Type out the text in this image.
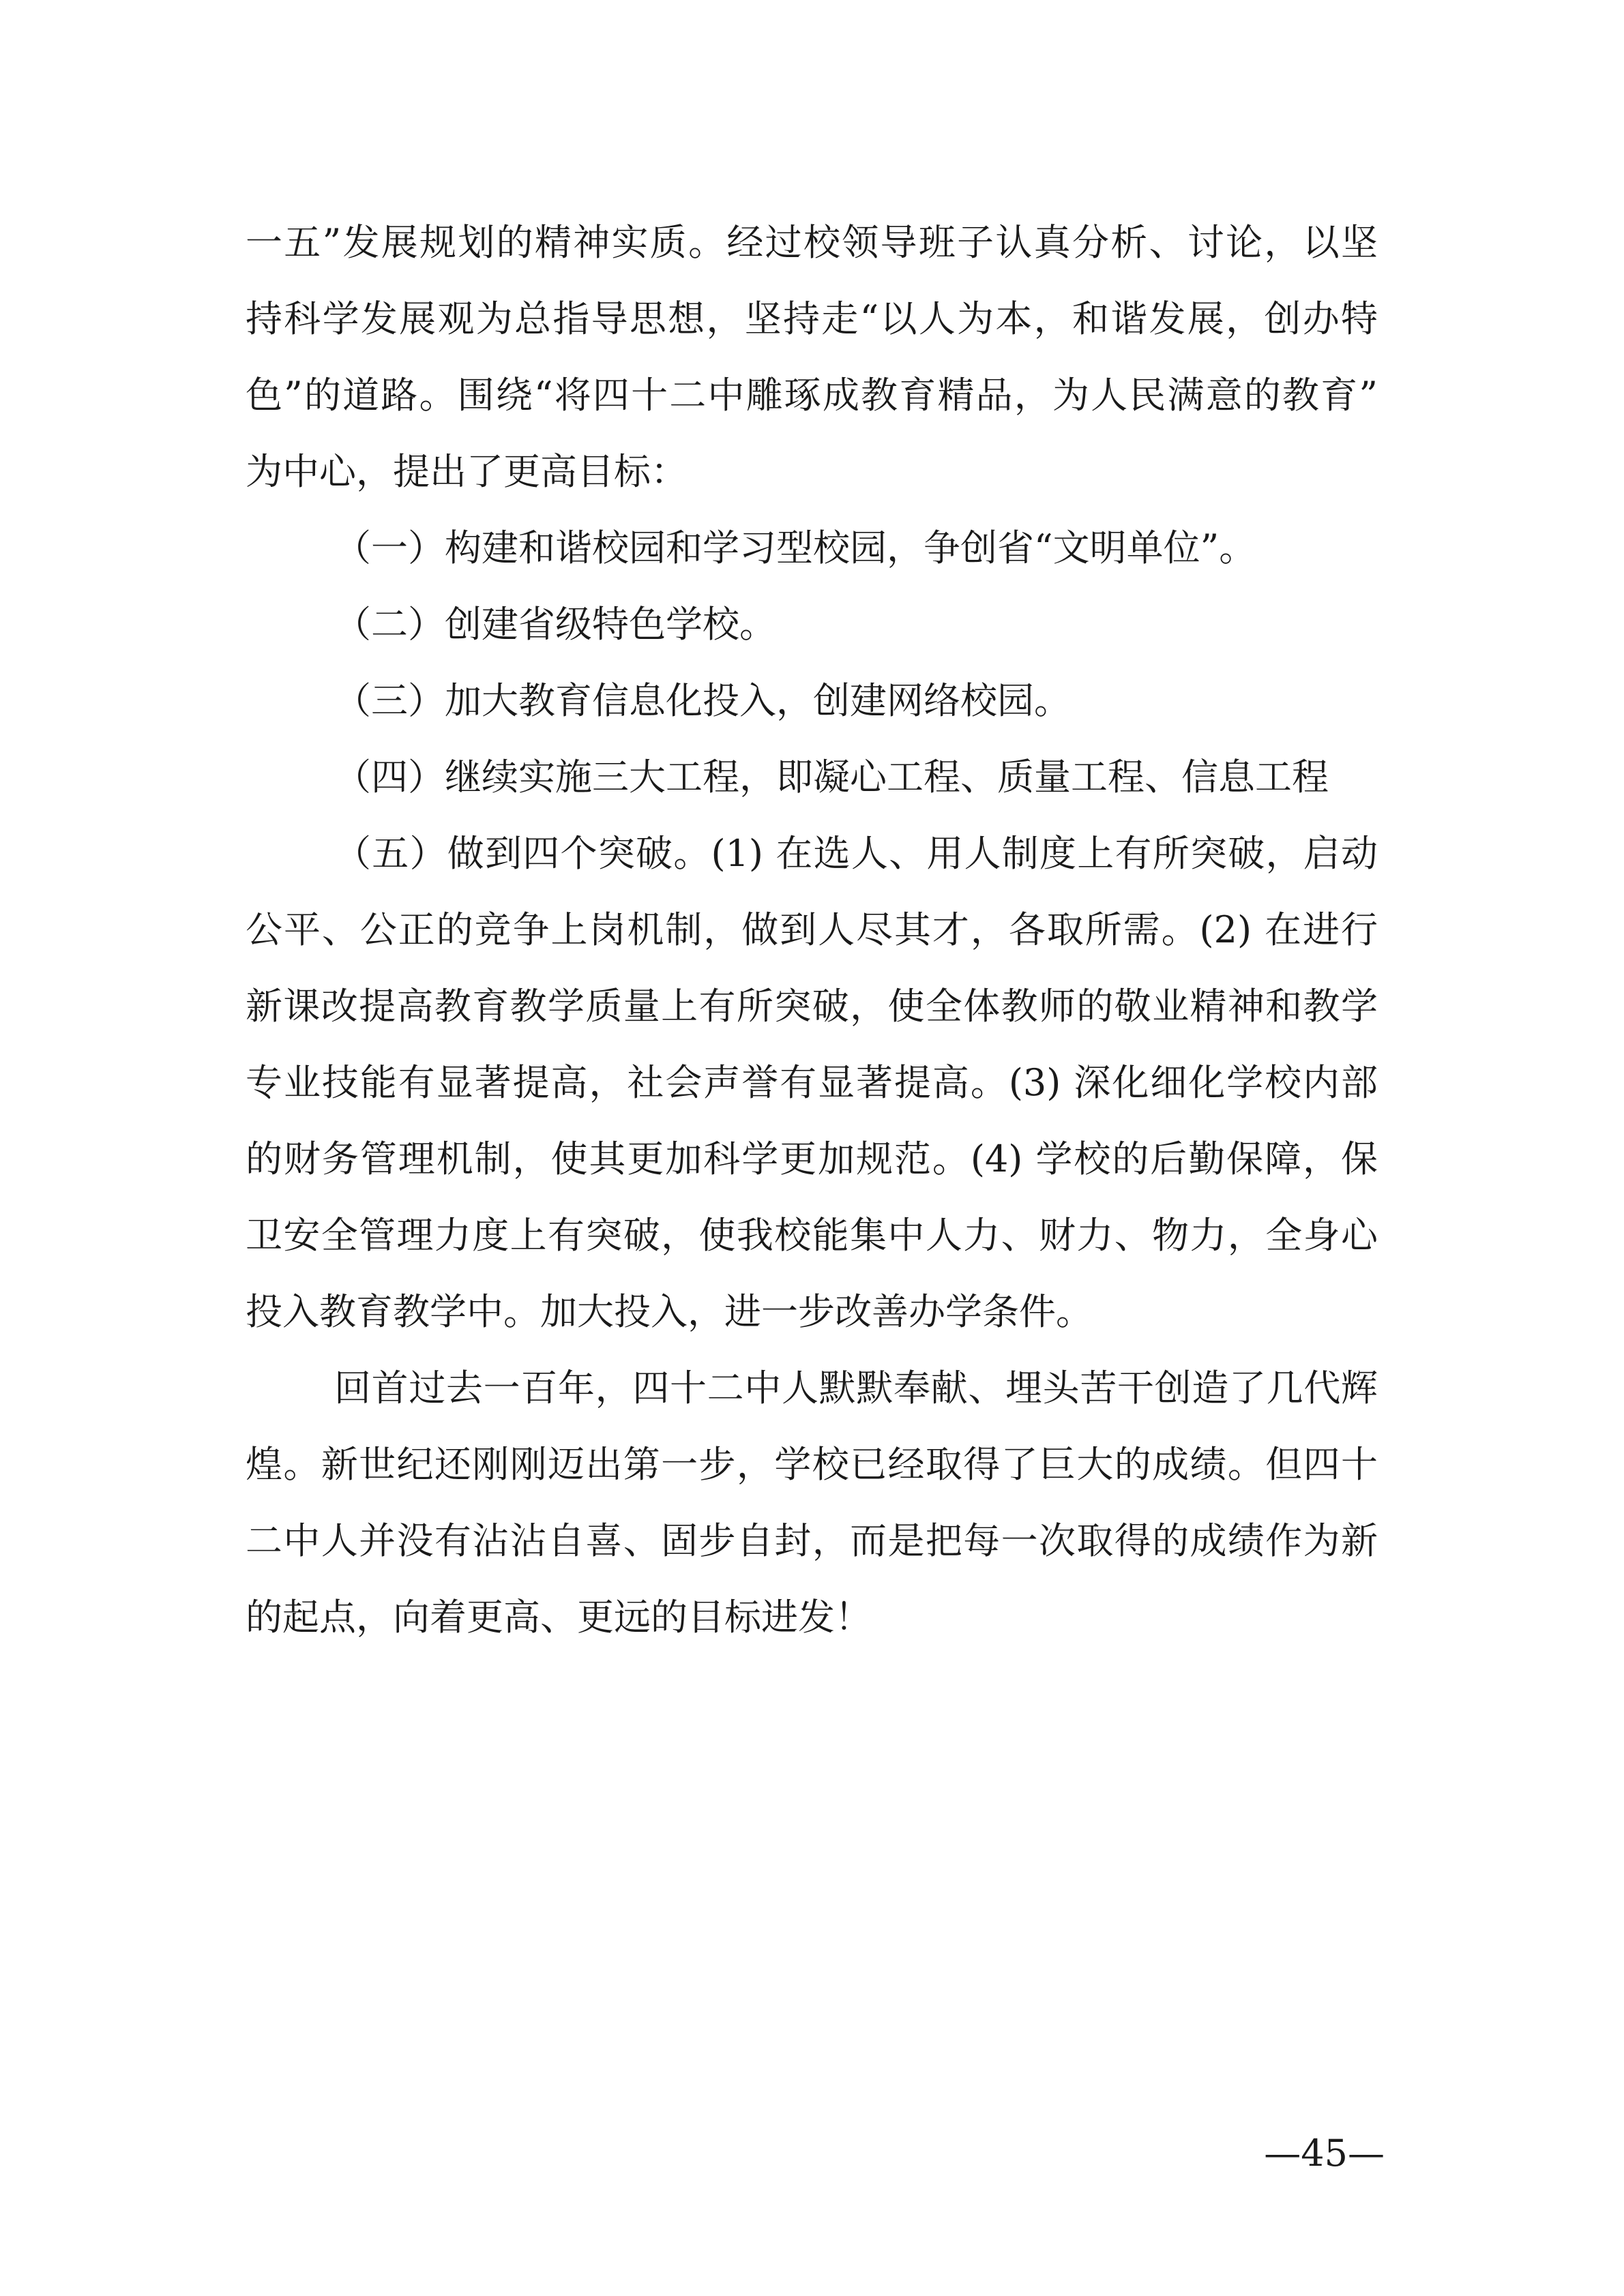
一五”发展规划的精神实质。经过校领导班子认真分析、讨论，以坚
持科学发展观为总指导思想，坚持走“以人为本，和谐发展，创办特
色”的道路。围绕“将四十二中雕琢成教育精品，为人民满意的教育”
为中心，提出了更高目标：
（一）构建和谐校园和学习型校园，争创省“文明单位”。
（二）创建省级特色学校。
（三）加大教育信息化投入，创建网络校园。
（四）继续实施三大工程，即凝心工程、质量工程、信息工程
（五）做到四个突破。(1) 在选人、用人制度上有所突破，启动
公平、公正的竞争上岗机制，做到人尽其才，各取所需。(2) 在进行
新课改提高教育教学质量上有所突破，使全体教师的敬业精神和教学
专业技能有显著提高，社会声誉有显著提高。(3) 深化细化学校内部
的财务管理机制，使其更加科学更加规范。(4) 学校的后勤保障，保
卫安全管理力度上有突破，使我校能集中人力、财力、物力，全身心
投入教育教学中。加大投入，进一步改善办学条件。
回首过去一百年，四十二中人默默奉献、埋头苦干创造了几代辉
煌。新世纪还刚刚迈出第一步，学校已经取得了巨大的成绩。但四十
二中人并没有沾沾自喜、固步自封，而是把每一次取得的成绩作为新
的起点，向着更高、更远的目标进发！
—45—
